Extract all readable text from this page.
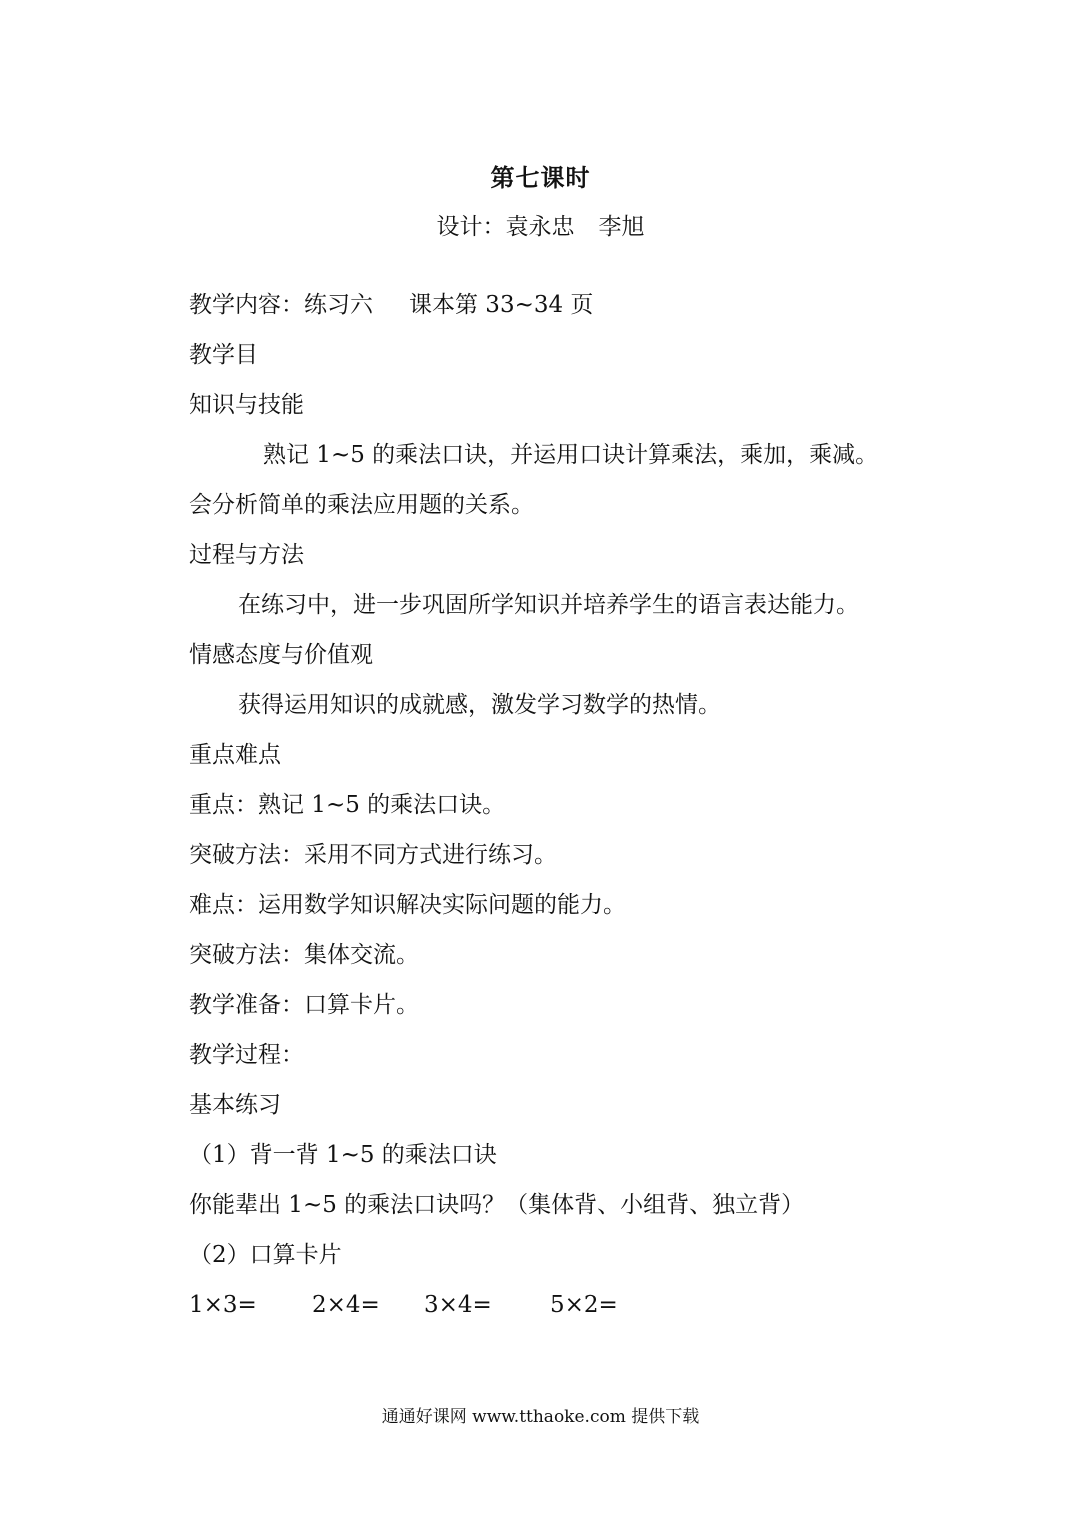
第七课时
设计：袁永忠 李旭
教学内容：练习六 课本第 33~34 页
教学目
知识与技能
熟记 1~5 的乘法口诀，并运用口诀计算乘法，乘加，乘减。
会分析简单的乘法应用题的关系。
过程与方法
在练习中，进一步巩固所学知识并培养学生的语言表达能力。
情感态度与价值观
获得运用知识的成就感，激发学习数学的热情。
重点难点
重点：熟记 1~5 的乘法口诀。
突破方法：采用不同方式进行练习。
难点：运用数学知识解决实际问题的能力。
突破方法：集体交流。
教学准备：口算卡片。
教学过程：
基本练习
（1）背一背 1~5 的乘法口诀
你能辈出 1~5 的乘法口诀吗？（集体背、小组背、独立背）
（2）口算卡片
1×3= 2×4= 3×4=	5×2=
通通好课网 www.tthaoke.com 提供下载
